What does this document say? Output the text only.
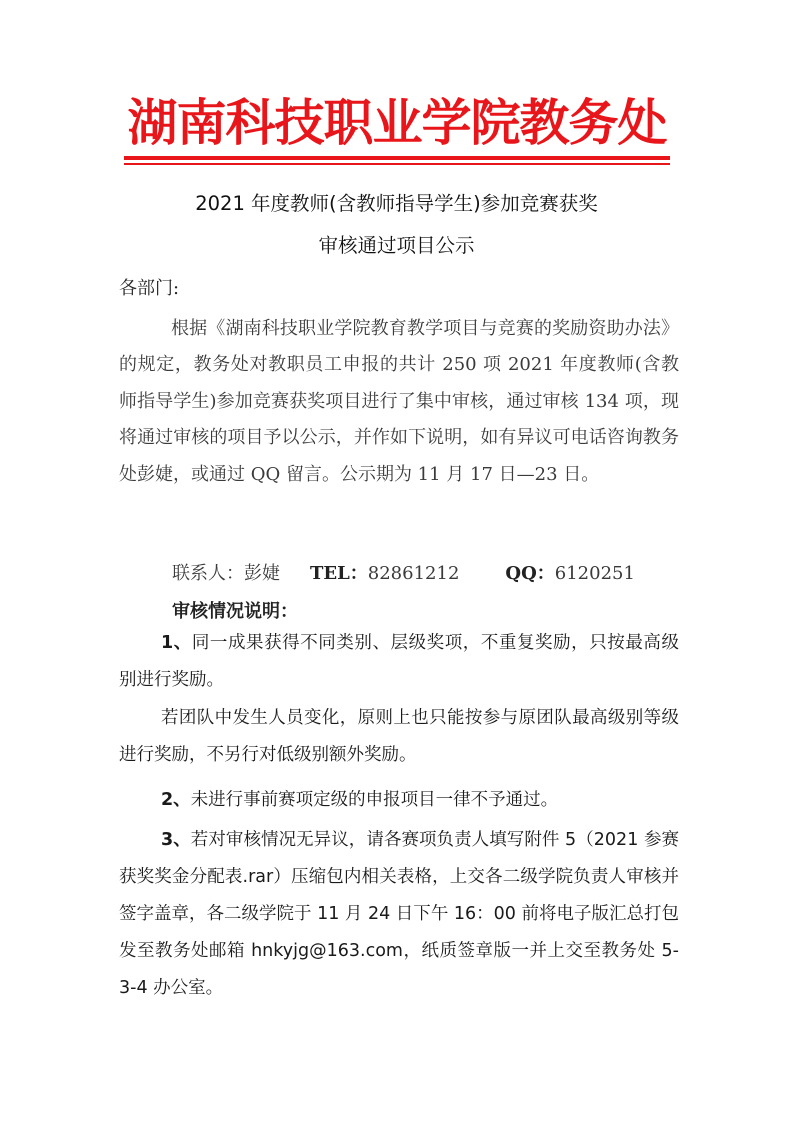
湖南科技职业学院教务处
2021 年度教师(含教师指导学生)参加竞赛获奖
审核通过项目公示
各部门:
根据《湖南科技职业学院教育教学项目与竞赛的奖励资助办法》的规定，教务处对教职员工申报的共计 250 项 2021 年度教师(含教师指导学生)参加竞赛获奖项目进行了集中审核，通过审核 134 项，现将通过审核的项目予以公示，并作如下说明，如有异议可电话咨询教务处彭婕，或通过 QQ 留言。公示期为 11 月 17 日—23 日。
联系人：彭婕 TEL：82861212	QQ：6120251
审核情况说明：
1、同一成果获得不同类别、层级奖项，不重复奖励，只按最高级别进行奖励。
若团队中发生人员变化，原则上也只能按参与原团队最高级别等级进行奖励，不另行对低级别额外奖励。
2、未进行事前赛项定级的申报项目一律不予通过。
3、若对审核情况无异议，请各赛项负责人填写附件 5（2021 参赛获奖奖金分配表.rar）压缩包内相关表格，上交各二级学院负责人审核并签字盖章，各二级学院于 11 月 24 日下午 16：00 前将电子版汇总打包发至教务处邮箱 hnkyjg@163.com，纸质签章版一并上交至教务处 5-3-4 办公室。
